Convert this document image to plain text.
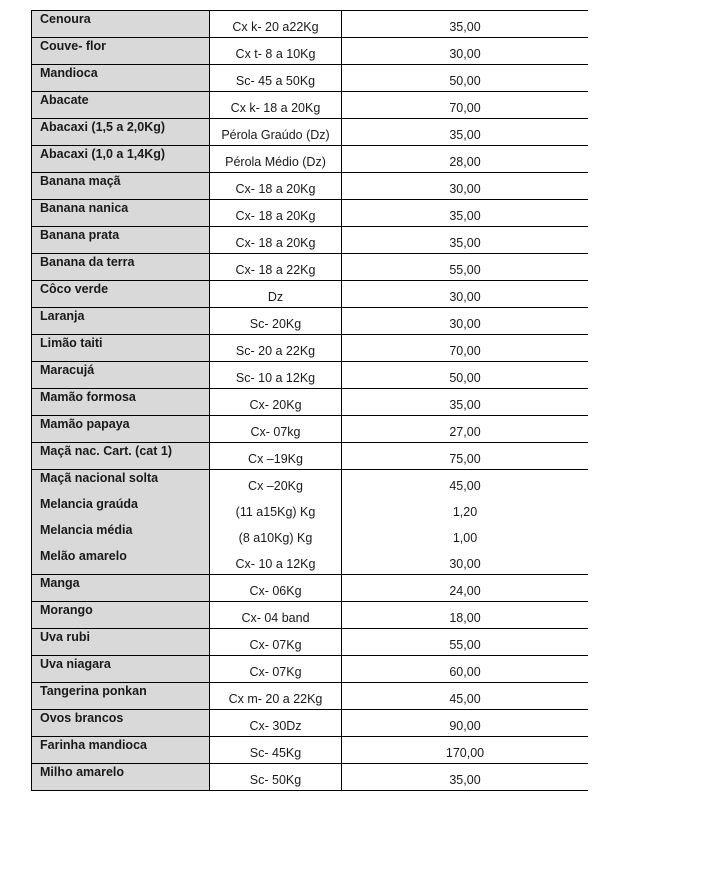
Cenoura	Cx k- 20 a22Kg	35,00
Couve- flor	Cx t- 8 a 10Kg	30,00
Mandioca	Sc- 45 a 50Kg	50,00
Abacate	Cx k- 18 a 20Kg	70,00
Abacaxi (1,5 a 2,0Kg)	Pérola Graúdo (Dz)	35,00
Abacaxi (1,0 a 1,4Kg)	Pérola Médio (Dz)	28,00
Banana maçã	Cx- 18 a 20Kg	30,00
Banana nanica	Cx- 18 a 20Kg	35,00
Banana prata	Cx- 18 a 20Kg	35,00
Banana da terra	Cx- 18 a 22Kg	55,00
Côco verde	Dz	30,00
Laranja	Sc- 20Kg	30,00
Limão taiti	Sc- 20 a 22Kg	70,00
Maracujá	Sc- 10 a 12Kg	50,00
Mamão formosa	Cx- 20Kg	35,00
Mamão papaya	Cx- 07kg	27,00
Maçã nac. Cart. (cat 1)	Cx –19Kg	75,00
Maçã nacional solta	Cx –20Kg	45,00
Melancia graúda	(11 a15Kg) Kg	1,20
Melancia média	(8 a10Kg) Kg	1,00
Melão amarelo	Cx- 10 a 12Kg	30,00
Manga	Cx- 06Kg	24,00
Morango	Cx- 04 band	18,00
Uva rubi	Cx- 07Kg	55,00
Uva niagara	Cx- 07Kg	60,00
Tangerina ponkan	Cx m- 20 a 22Kg	45,00
Ovos brancos	Cx- 30Dz	90,00
Farinha mandioca	Sc- 45Kg	170,00
Milho amarelo	Sc- 50Kg	35,00
